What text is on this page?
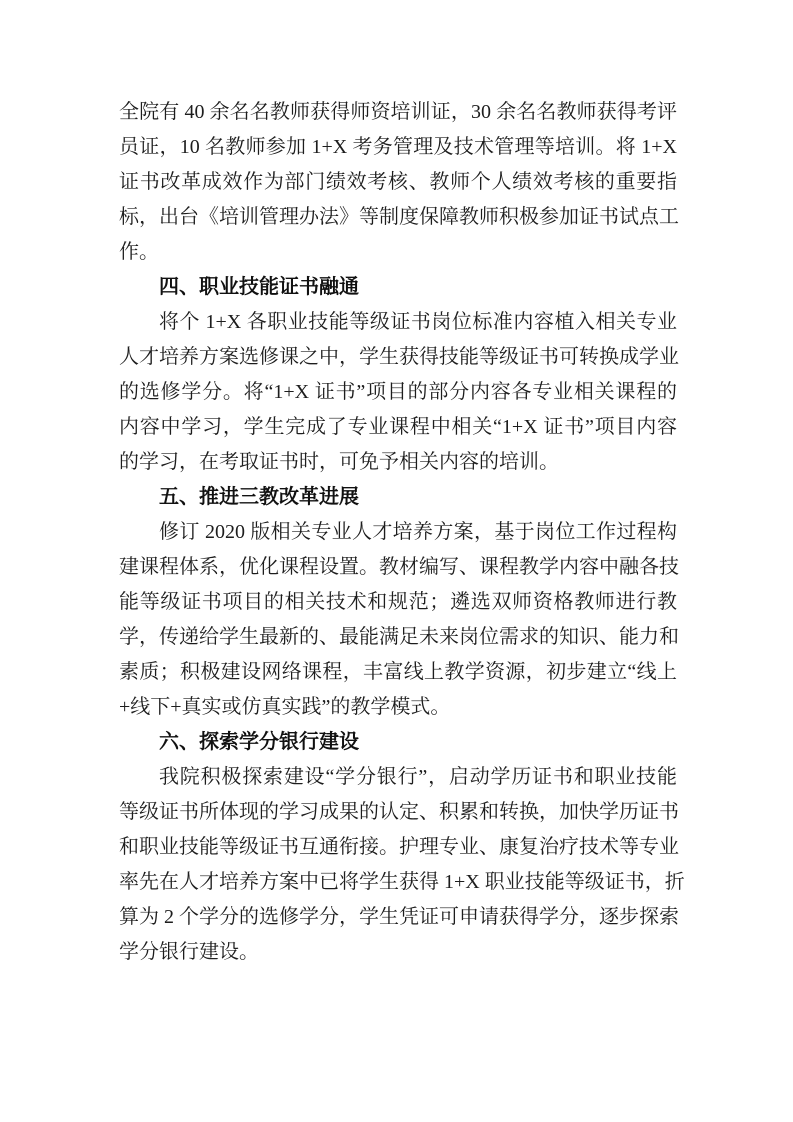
全院有 40 余名名教师获得师资培训证，30 余名名教师获得考评
员证，10 名教师参加 1+X 考务管理及技术管理等培训。将 1+X
证书改革成效作为部门绩效考核、教师个人绩效考核的重要指
标，出台《培训管理办法》等制度保障教师积极参加证书试点工
作。
四、职业技能证书融通
将个 1+X 各职业技能等级证书岗位标准内容植入相关专业
人才培养方案选修课之中，学生获得技能等级证书可转换成学业
的选修学分。将“1+X 证书”项目的部分内容各专业相关课程的
内容中学习，学生完成了专业课程中相关“1+X 证书”项目内容
的学习，在考取证书时，可免予相关内容的培训。
五、推进三教改革进展
修订 2020 版相关专业人才培养方案，基于岗位工作过程构
建课程体系，优化课程设置。教材编写、课程教学内容中融各技
能等级证书项目的相关技术和规范；遴选双师资格教师进行教
学，传递给学生最新的、最能满足未来岗位需求的知识、能力和
素质；积极建设网络课程，丰富线上教学资源，初步建立“线上
+线下+真实或仿真实践”的教学模式。
六、探索学分银行建设
我院积极探索建设“学分银行”，启动学历证书和职业技能
等级证书所体现的学习成果的认定、积累和转换，加快学历证书
和职业技能等级证书互通衔接。护理专业、康复治疗技术等专业
率先在人才培养方案中已将学生获得 1+X 职业技能等级证书，折
算为 2 个学分的选修学分，学生凭证可申请获得学分，逐步探索
学分银行建设。
